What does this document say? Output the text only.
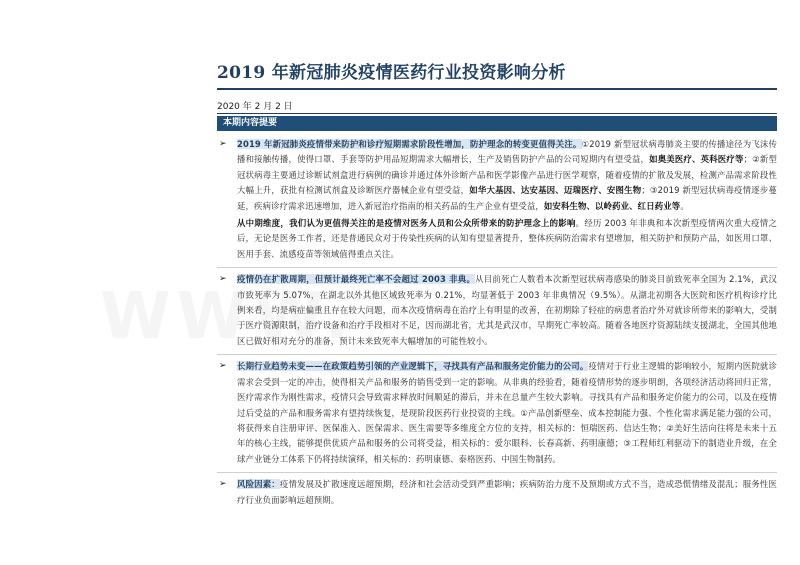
2019 年新冠肺炎疫情医药行业投资影响分析
2020 年 2 月 2 日
本期内容提要
➢ 2019 年新冠肺炎疫情带来防护和诊疗短期需求阶段性增加，防护理念的转变更值得关注。①2019 新型冠状病毒肺炎主要的传播途径为飞沫传播和接触传播，使得口罩、手套等防护用品短期需求大幅增长，生产及销售防护产品的公司短期内有望受益，如奥美医疗、英科医疗等；②新型冠状病毒主要通过诊断试剂盒进行病例的确诊并通过体外诊断产品和医学影像产品进行医学观察，随着疫情的扩散及发展，检测产品需求阶段性大幅上升，获批有检测试剂盒及诊断医疗器械企业有望受益，如华大基因、达安基因、迈瑞医疗、安图生物；③2019 新型冠状病毒疫情逐步蔓延，疾病诊疗需求迅速增加，进入新冠治疗指南的相关药品的生产企业有望受益，如安科生物、以岭药业、红日药业等。
从中期维度，我们认为更值得关注的是疫情对医务人员和公众所带来的防护理念上的影响。经历 2003 年非典和本次新型疫情两次重大疫情之后，无论是医务工作者，还是普通民众对于传染性疾病的认知有望显著提升，整体疾病防治需求有望增加，相关防护和预防产品，如医用口罩、医用手套、流感疫苗等领域值得重点关注。
➢ 疫情仍在扩散周期，但预计最终死亡率不会超过 2003 非典。从目前死亡人数看本次新型冠状病毒感染的肺炎目前致死率全国为 2.1%，武汉市致死率为 5.07%，在湖北以外其他区域致死率为 0.21%，均显著低于 2003 年非典情况（9.5%）。从湖北初期各大医院和医疗机构诊疗比例来看，均是病症偏重且存在较大问题，而本次疫情病毒在治疗上有明显的改善，在初期除了轻症的病患者治疗外对就诊所带来的影响大，受制于医疗资源限制，治疗设备和治疗手段相对不足，因而湖北省，尤其是武汉市，早期死亡率较高。随着各地医疗资源陆续支援湖北，全国其他地区已做好相对充分的准备，预计未来致死率大幅增加的可能性较小。
➢ 长期行业趋势未变——在政策趋势引领的产业逻辑下，寻找具有产品和服务定价能力的公司。疫情对于行业主逻辑的影响较小，短期内医院就诊需求会受到一定的冲击，使得相关产品和服务的销售受到一定的影响。从非典的经验看，随着疫情形势的逐步明朗，各项经济活动将回归正常，医疗需求作为刚性需求，疫情只会导致需求释放时间顺延的滞后，并未在总量产生较大影响。寻找具有产品和服务定价能力的公司，以及在疫情过后受益的产品和服务需求有望持续恢复，是现阶段医药行业投资的主线。①产品创新壁垒、成本控制能力强、个性化需求满足能力强的公司，将获得来自注册审评、医保准入、医保需求、医生需要等多维度全方位的支持，相关标的：恒瑞医药、信达生物；②美好生活向往将是未来十五年的核心主线，能够提供优质产品和服务的公司将受益，相关标的：爱尔眼科、长春高新、药明康德；③工程师红利驱动下的制造业升级，在全球产业链分工体系下仍将持续演绎，相关标的：药明康德、泰格医药、中国生物制药。
➢ 风险因素：疫情发展及扩散速度远超预期，经济和社会活动受到严重影响；疾病防治力度不及预期或方式不当，造成恐慌情绪及混乱；服务性医疗行业负面影响远超预期。
